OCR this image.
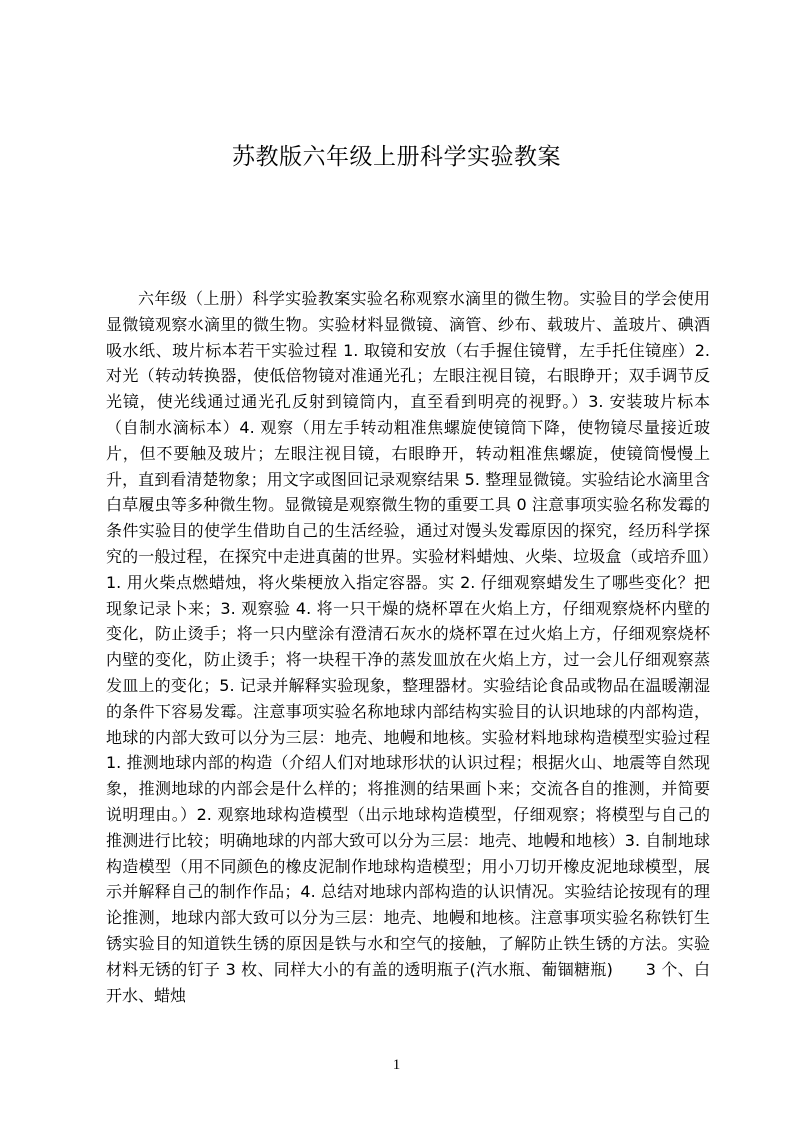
苏教版六年级上册科学实验教案

六年级（上册）科学实验教案实验名称观察水滴里的微生物。实验目的学会使用显微镜观察水滴里的微生物。实验材料显微镜、滴管、纱布、载玻片、盖玻片、碘酒吸水纸、玻片标本若干实验过程 1. 取镜和安放（右手握住镜臂，左手托住镜座）2. 对光（转动转换器，使低倍物镜对准通光孔；左眼注视目镜，右眼睁开；双手调节反光镜，使光线通过通光孔反射到镜筒内，直至看到明亮的视野。）3. 安装玻片标本（自制水滴标本）4. 观察（用左手转动粗准焦螺旋使镜筒下降，使物镜尽量接近玻片，但不要触及玻片；左眼注视目镜，右眼睁开，转动粗准焦螺旋，使镜筒慢慢上升，直到看清楚物象；用文字或图回记录观察结果 5. 整理显微镜。实验结论水滴里含白草履虫等多种微生物。显微镜是观察微生物的重要工具 0 注意事项实验名称发霉的条件实验目的使学生借助自己的生活经验，通过对馒头发霉原因的探究，经历科学探究的一般过程，在探究中走进真菌的世界。实验材料蜡烛、火柴、垃圾盒（或培乔皿）1. 用火柴点燃蜡烛，将火柴梗放入指定容器。实 2. 仔细观察蜡发生了哪些变化？把现象记录卜来；3. 观察验 4. 将一只干燥的烧杯罩在火焰上方，仔细观察烧杯内壁的变化，防止烫手；将一只内壁涂有澄清石灰水的烧杯罩在过火焰上方，仔细观察烧杯内壁的变化，防止烫手；将一块程干净的蒸发皿放在火焰上方，过一会儿仔细观察蒸发皿上的变化；5. 记录并解释实验现象，整理器材。实验结论食品或物品在温暖潮湿的条件下容易发霉。注意事项实验名称地球内部结构实验目的认识地球的内部构造，地球的内部大致可以分为三层：地壳、地幔和地核。实验材料地球构造模型实验过程 1. 推测地球内部的构造（介绍人们对地球形状的认识过程；根据火山、地震等自然现象，推测地球的内部会是什么样的；将推测的结果画卜来；交流各自的推测，并简要说明理由。）2. 观察地球构造模型（出示地球构造模型，仔细观察；将模型与自己的推测进行比较；明确地球的内部大致可以分为三层：地壳、地幔和地核）3. 自制地球构造模型（用不同颜色的橡皮泥制作地球构造模型；用小刀切开橡皮泥地球模型，展示并解释自己的制作作品；4. 总结对地球内部构造的认识情况。实验结论按现有的理论推测，地球内部大致可以分为三层：地壳、地幔和地核。注意事项实验名称铁钉生锈实验目的知道铁生锈的原因是铁与水和空气的接触，了解防止铁生锈的方法。实验材料无锈的钉子 3 枚、同样大小的有盖的透明瓶子(汽水瓶、葡锢糖瓶)　　3 个、白开水、蜡烛

1
